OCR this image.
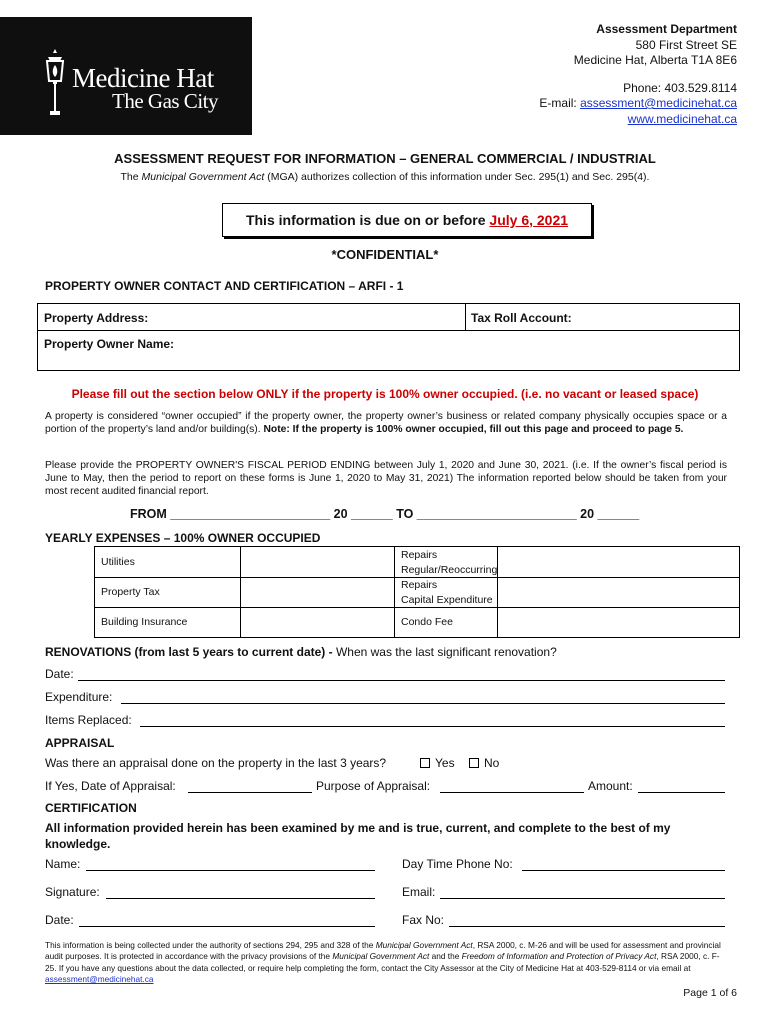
Medicine Hat
The Gas City
Assessment Department
580 First Street SE
Medicine Hat, Alberta T1A 8E6
Phone: 403.529.8114
E-mail: assessment@medicinehat.ca
www.medicinehat.ca
ASSESSMENT REQUEST FOR INFORMATION – GENERAL COMMERCIAL / INDUSTRIAL
The Municipal Government Act (MGA) authorizes collection of this information under Sec. 295(1) and Sec. 295(4).
This information is due on or before July 6, 2021
*CONFIDENTIAL*
PROPERTY OWNER CONTACT AND CERTIFICATION – ARFI - 1
Property Address:	Tax Roll Account:
Property Owner Name:
Please fill out the section below ONLY if the property is 100% owner occupied. (i.e. no vacant or leased space)
A property is considered “owner occupied” if the property owner, the property owner’s business or related company physically occupies space or a portion of the property’s land and/or building(s). Note: If the property is 100% owner occupied, fill out this page and proceed to page 5.
Please provide the PROPERTY OWNER'S FISCAL PERIOD ENDING between July 1, 2020 and June 30, 2021. (i.e. If the owner’s fiscal period is June to May, then the period to report on these forms is June 1, 2020 to May 31, 2021) The information reported below should be taken from your most recent audited financial report.
FROM _______________________ 20 ______ TO _______________________ 20 ______
YEARLY EXPENSES – 100% OWNER OCCUPIED
Utilities		Repairs
Regular/Reoccurring	

Property Tax		Repairs
Capital Expenditure	

Building Insurance		Condo Fee	
RENOVATIONS (from last 5 years to current date) - When was the last significant renovation?
Date:
Expenditure:
Items Replaced:
APPRAISAL
Was there an appraisal done on the property in the last 3 years?	Yes	No
If Yes, Date of Appraisal:	Purpose of Appraisal:	Amount:
CERTIFICATION
All information provided herein has been examined by me and is true, current, and complete to the best of my knowledge.
Name:	Day Time Phone No:
Signature:	Email:
Date:	Fax No:
This information is being collected under the authority of sections 294, 295 and 328 of the Municipal Government Act, RSA 2000, c. M-26 and will be used for assessment and provincial audit purposes. It is protected in accordance with the privacy provisions of the Municipal Government Act and the Freedom of Information and Protection of Privacy Act, RSA 2000, c. F-25. If you have any questions about the data collected, or require help completing the form, contact the City Assessor at the City of Medicine Hat at 403-529-8114 or via email at assessment@medicinehat.ca
Page 1 of 6
